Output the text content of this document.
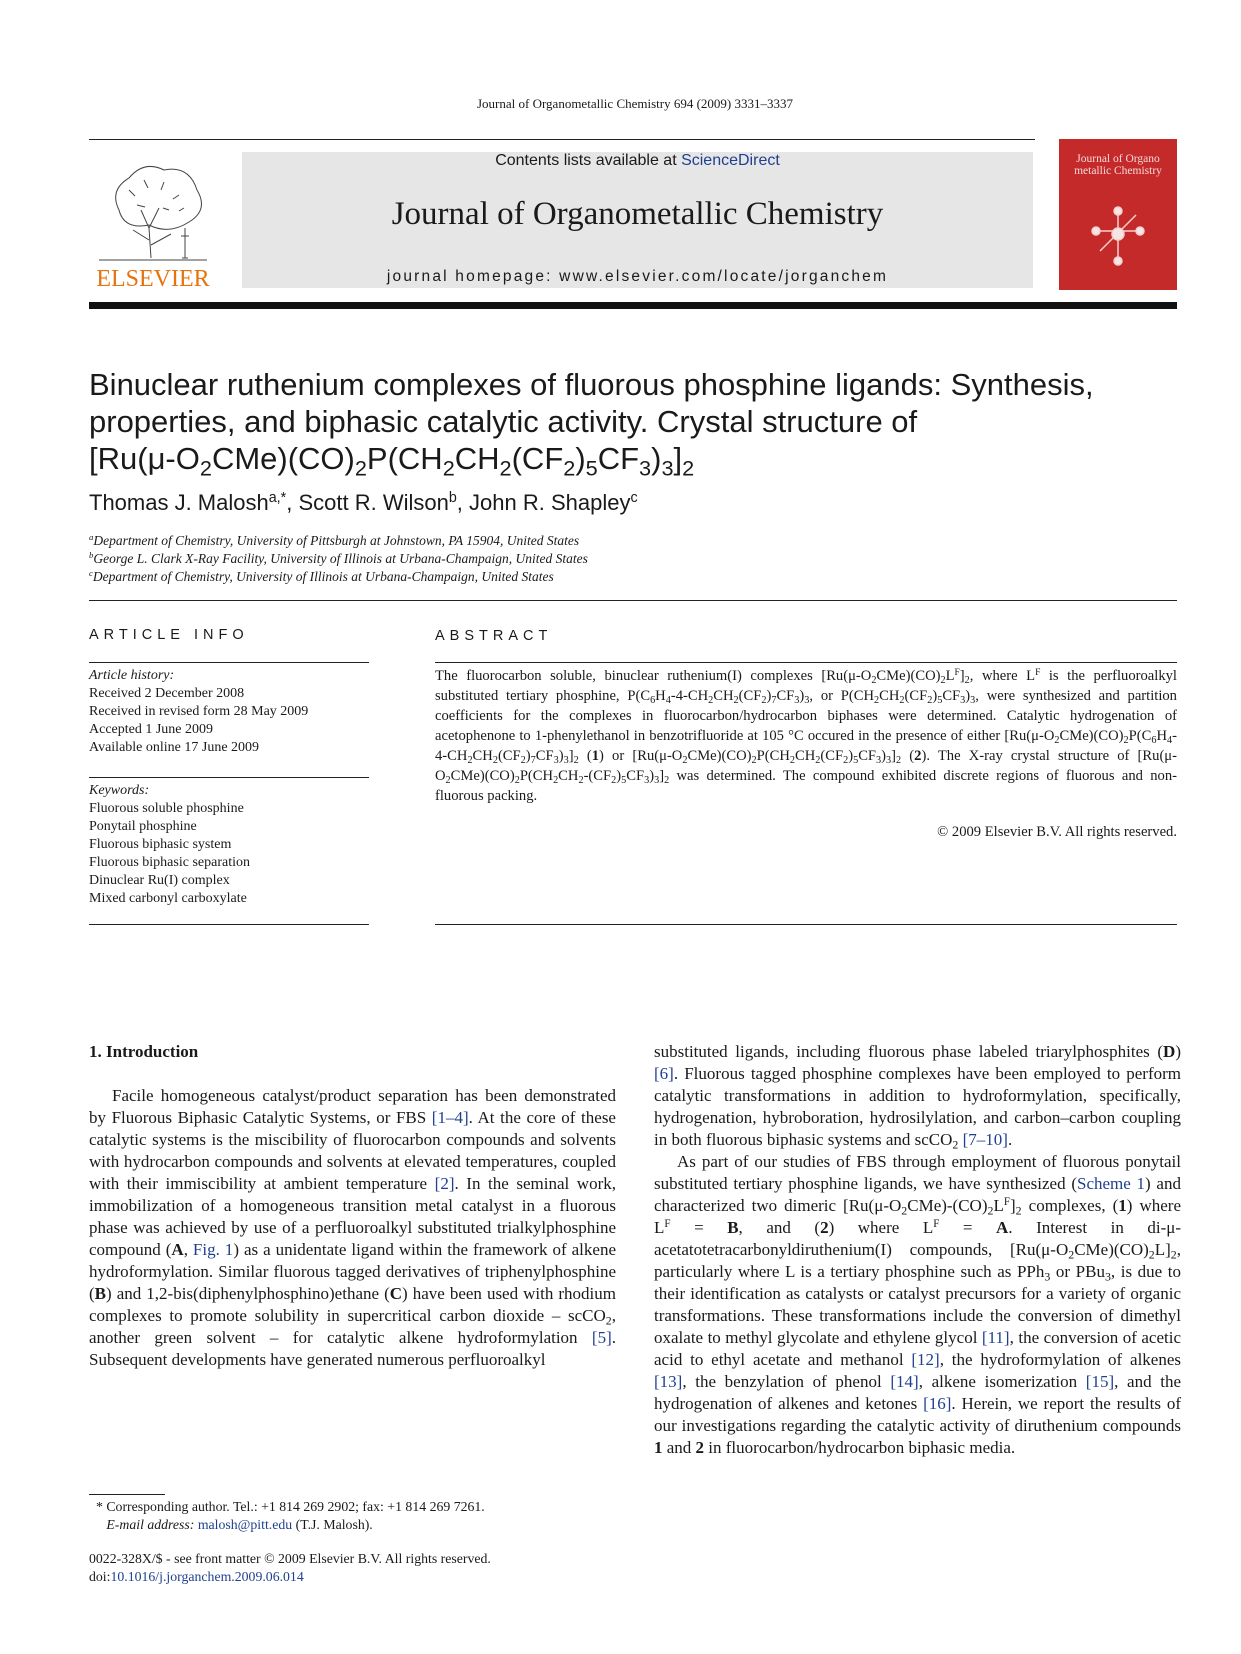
Journal of Organometallic Chemistry 694 (2009) 3331–3337
ELSEVIER
Contents lists available at ScienceDirect
Journal of Organometallic Chemistry
journal homepage: www.elsevier.com/locate/jorganchem
Journal of Organo metallic Chemistry
Binuclear ruthenium complexes of fluorous phosphine ligands: Synthesis,
properties, and biphasic catalytic activity. Crystal structure of
$[Ru(\mu-O_2CMe)(CO)_2P(CH_2CH_2(CF_2)_5CF_3)_3]_2$
Thomas J. Malosh$^{a,*}$, Scott R. Wilson$^b$, John R. Shapley$^c$
$^a$Department of Chemistry, University of Pittsburgh at Johnstown, PA 15904, United States
$^b$George L. Clark X-Ray Facility, University of Illinois at Urbana-Champaign, United States
$^c$Department of Chemistry, University of Illinois at Urbana-Champaign, United States
ARTICLE INFO
Article history:
Received 2 December 2008
Received in revised form 28 May 2009
Accepted 1 June 2009
Available online 17 June 2009
Keywords:
Fluorous soluble phosphine
Ponytail phosphine
Fluorous biphasic system
Fluorous biphasic separation
Dinuclear Ru(I) complex
Mixed carbonyl carboxylate
ABSTRACT
The fluorocarbon soluble, binuclear ruthenium(I) complexes $[Ru(\mu-O_2CMe)(CO)_2L^F]_2$, where $L^F$ is the perfluoroalkyl substituted tertiary phosphine, $P(C_6H_4-4-CH_2CH_2(CF_2)_7CF_3)_3$, or $P(CH_2CH_2(CF_2)_5CF_3)_3$, were synthesized and partition coefficients for the complexes in fluorocarbon/hydrocarbon biphases were determined. Catalytic hydrogenation of acetophenone to 1-phenylethanol in benzotrifluoride at 105 °C occured in the presence of either $[Ru(\mu-O_2CMe)(CO)_2P(C_6H_4-4-CH_2CH_2(CF_2)_7CF_3)_3]_2$ (1) or $[Ru(\mu-O_2CMe)(CO)_2P(CH_2CH_2(CF_2)_5CF_3)_3]_2$ (2). The X-ray crystal structure of $[Ru(\mu-O_2CMe)(CO)_2P(CH_2CH_2-(CF_2)_5CF_3)_3]_2$ was determined. The compound exhibited discrete regions of fluorous and non-fluorous packing.
© 2009 Elsevier B.V. All rights reserved.
1. Introduction

Facile homogeneous catalyst/product separation has been demonstrated by Fluorous Biphasic Catalytic Systems, or FBS [1–4]. At the core of these catalytic systems is the miscibility of fluorocarbon compounds and solvents with hydrocarbon compounds and solvents at elevated temperatures, coupled with their immiscibility at ambient temperature [2]. In the seminal work, immobilization of a homogeneous transition metal catalyst in a fluorous phase was achieved by use of a perfluoroalkyl substituted trialkylphosphine compound (A, Fig. 1) as a unidentate ligand within the framework of alkene hydroformylation. Similar fluorous tagged derivatives of triphenylphosphine (B) and 1,2-bis(diphenylphosphino)ethane (C) have been used with rhodium complexes to promote solubility in supercritical carbon dioxide – scCO$_2$, another green solvent – for catalytic alkene hydroformylation [5]. Subsequent developments have generated numerous perfluoroalkyl

substituted ligands, including fluorous phase labeled triarylphosphites (D) [6]. Fluorous tagged phosphine complexes have been employed to perform catalytic transformations in addition to hydroformylation, specifically, hydrogenation, hybroboration, hydrosilylation, and carbon–carbon coupling in both fluorous biphasic systems and scCO$_2$ [7–10].

As part of our studies of FBS through employment of fluorous ponytail substituted tertiary phosphine ligands, we have synthesized (Scheme 1) and characterized two dimeric $[Ru(\mu-O_2CMe)-(CO)_2L^F]_2$ complexes, (1) where $L^F = B$, and (2) where $L^F = A$. Interest in di-μ-acetatotetracarbonyldiruthenium(I) compounds, $[Ru(\mu-O_2CMe)(CO)_2L]_2$, particularly where L is a tertiary phosphine such as PPh$_3$ or PBu$_3$, is due to their identification as catalysts or catalyst precursors for a variety of organic transformations. These transformations include the conversion of dimethyl oxalate to methyl glycolate and ethylene glycol [11], the conversion of acetic acid to ethyl acetate and methanol [12], the hydroformylation of alkenes [13], the benzylation of phenol [14], alkene isomerization [15], and the hydrogenation of alkenes and ketones [16]. Herein, we report the results of our investigations regarding the catalytic activity of diruthenium compounds 1 and 2 in fluorocarbon/hydrocarbon biphasic media.

* Corresponding author. Tel.: +1 814 269 2902; fax: +1 814 269 7261.
E-mail address: malosh@pitt.edu (T.J. Malosh).
0022-328X/$ - see front matter © 2009 Elsevier B.V. All rights reserved.
doi:10.1016/j.jorganchem.2009.06.014
